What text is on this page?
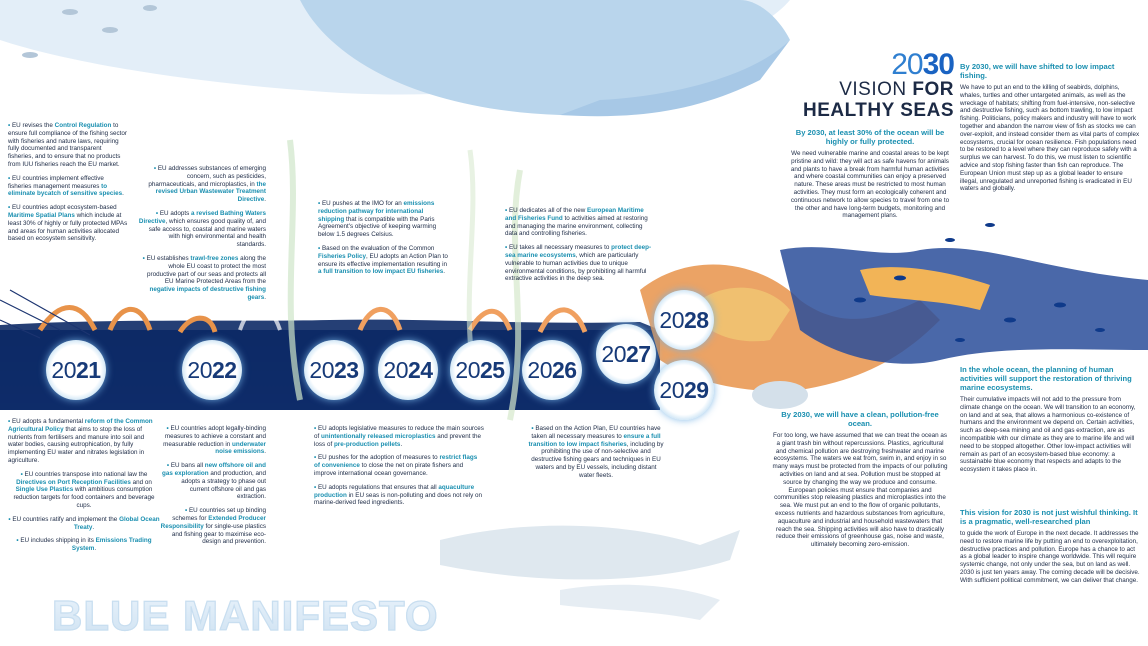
2030
VISION FOR
HEALTHY SEAS
20 21	20 22	20 23 20 24 20 25 20 26
20 27
20 28
20 29

• EU revises the Control Regulation to ensure full compliance of the fishing sector with fisheries and nature laws, requiring fully documented and transparent fisheries, and to ensure that no products from IUU fisheries reach the EU market.

• EU countries implement effective fisheries management measures to eliminate bycatch of sensitive species.

• EU countries adopt ecosystem-based Maritime Spatial Plans which include at least 30% of highly or fully protected MPAs and areas for human activities allocated based on ecosystem sensitivity.

• EU addresses substances of emerging concern, such as pesticides, pharmaceuticals, and microplastics, in the revised Urban Wastewater Treatment Directive.

• EU adopts a revised Bathing Waters Directive, which ensures good quality of, and safe access to, coastal and marine waters with high environmental and health standards.

• EU establishes trawl-free zones along the whole EU coast to protect the most productive part of our seas and protects all EU Marine Protected Areas from the negative impacts of destructive fishing gears.

• EU pushes at the IMO for an emissions reduction pathway for international shipping that is compatible with the Paris Agreement's objective of keeping warming below 1.5 degrees Celsius.

• Based on the evaluation of the Common Fisheries Policy, EU adopts an Action Plan to ensure its effective implementation resulting in a full transition to low impact EU fisheries.

• EU dedicates all of the new European Maritime and Fisheries Fund to activities aimed at restoring and managing the marine environment, collecting data and controlling fisheries.

• EU takes all necessary measures to protect deep-sea marine ecosystems, which are particularly vulnerable to human activities due to unique environmental conditions, by prohibiting all harmful extractive activities in the deep sea.

• EU adopts a fundamental reform of the Common Agricultural Policy that aims to stop the loss of nutrients from fertilisers and manure into soil and water bodies, causing eutrophication, by fully implementing EU water and nitrates legislation in agriculture.

• EU countries transpose into national law the Directives on Port Reception Facilities and on Single Use Plastics with ambitious consumption reduction targets for food containers and beverage cups.

• EU countries ratify and implement the Global Ocean Treaty.

• EU includes shipping in its Emissions Trading System.

• EU countries adopt legally-binding measures to achieve a constant and measurable reduction in underwater noise emissions.

• EU bans all new offshore oil and gas exploration and production, and adopts a strategy to phase out current offshore oil and gas extraction.

• EU countries set up binding schemes for Extended Producer Responsibility for single-use plastics and fishing gear to maximise eco-design and prevention.

• EU adopts legislative measures to reduce the main sources of unintentionally released microplastics and prevent the loss of pre-production pellets.

• EU pushes for the adoption of measures to restrict flags of convenience to close the net on pirate fishers and improve international ocean governance.

• EU adopts regulations that ensures that all aquaculture production in EU seas is non-polluting and does not rely on marine-derived feed ingredients.

• Based on the Action Plan, EU countries have taken all necessary measures to ensure a full transition to low impact fisheries, including by prohibiting the use of non-selective and destructive fishing gears and techniques in EU waters and by EU vessels, including distant water fleets.

By 2030, at least 30% of the ocean will be highly or fully protected.
We need vulnerable marine and coastal areas to be kept pristine and wild: they will act as safe havens for animals and plants to have a break from harmful human activities and where coastal communities can enjoy a preserved nature. These areas must be restricted to most human activities. They must form an ecologically coherent and continuous network to allow species to travel from one to the other and have long-term budgets, monitoring and management plans.
By 2030, we will have a clean, pollution-free ocean.
For too long, we have assumed that we can treat the ocean as a giant trash bin without repercussions. Plastics, agricultural and chemical pollution are destroying freshwater and marine ecosystems. The waters we eat from, swim in, and enjoy in so many ways must be protected from the impacts of our polluting activities on land and at sea. Pollution must be stopped at source by changing the way we produce and consume. European policies must ensure that companies and communities stop releasing plastics and microplastics into the sea. We must put an end to the flow of organic pollutants, excess nutrients and hazardous substances from agriculture, aquaculture and industrial and household wastewaters that reach the sea. Shipping activities will also have to drastically reduce their emissions of greenhouse gas, noise and waste, ultimately becoming zero-emission.
By 2030, we will have shifted to low impact fishing.
We have to put an end to the killing of seabirds, dolphins, whales, turtles and other untargeted animals, as well as the wreckage of habitats; shifting from fuel-intensive, non-selective and destructive fishing, such as bottom trawling, to low impact fishing. Politicians, policy makers and industry will have to work together and abandon the narrow view of fish as stocks we can over-exploit, and instead consider them as vital parts of complex ecosystems, crucial for ocean resilience. Fish populations need to be restored to a level where they can reproduce safely with a surplus we can harvest. To do this, we must listen to scientific advice and stop fishing faster than fish can reproduce. The European Union must step up as a global leader to ensure illegal, unregulated and unreported fishing is eradicated in EU waters and globally.
In the whole ocean, the planning of human activities will support the restoration of thriving marine ecosystems.
Their cumulative impacts will not add to the pressure from climate change on the ocean. We will transition to an economy, on land and at sea, that allows a harmonious co-existence of humans and the environment we depend on. Certain activities, such as deep-sea mining and oil and gas extraction, are as incompatible with our climate as they are to marine life and will need to be stopped altogether. Other low-impact activities will remain as part of an ecosystem-based blue economy: a sustainable blue economy that respects and adapts to the ecosystem it takes place in.
This vision for 2030 is not just wishful thinking. It is a pragmatic, well-researched plan
to guide the work of Europe in the next decade. It addresses the need to restore marine life by putting an end to overexploitation, destructive practices and pollution. Europe has a chance to act as a global leader to inspire change worldwide. This will require systemic change, not only under the sea, but on land as well. 2030 is just ten years away. The coming decade will be decisive. With sufficient political commitment, we can deliver that change.
BLUE MANIFESTO
